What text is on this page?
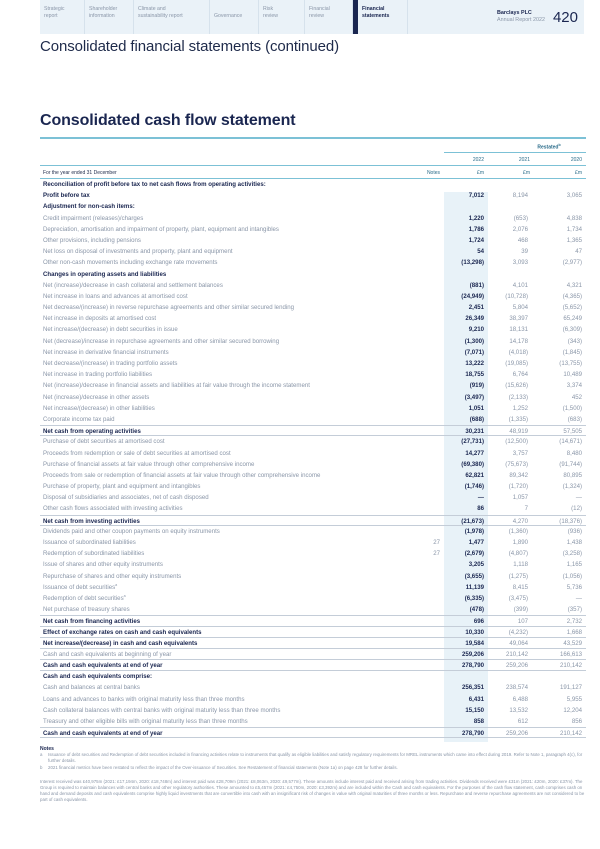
Strategic
report
Shareholder
information
Climate and
sustainability report	Governance
Risk
review
Financial
review
Financial
statements	Barclays PLC
Annual Report 2022 420
Consolidated financial statements (continued)
Consolidated cash flow statement
Restated$^b$
2022	2021	2020
For the year ended 31 December	Notes	£m	£m	£m
Reconciliation of profit before tax to net cash flows from operating activities:
Profit before tax	7,012	8,194	3,065
Adjustment for non-cash items:
Credit impairment (releases)/charges	1,220	(653)	4,838
Depreciation, amortisation and impairment of property, plant, equipment and intangibles	1,786	2,076	1,734
Other provisions, including pensions	1,724	468	1,365
Net loss on disposal of investments and property, plant and equipment	54	39	47
Other non-cash movements including exchange rate movements	(13,298)	3,093	(2,977)
Changes in operating assets and liabilities
Net (increase)/decrease in cash collateral and settlement balances	(881)	4,101	4,321
Net increase in loans and advances at amortised cost	(24,949)	(10,728)	(4,365)
Net decrease/(increase) in reverse repurchase agreements and other similar secured lending	2,451	5,804	(5,652)
Net increase in deposits at amortised cost	26,349	38,397	65,249
Net increase/(decrease) in debt securities in issue	9,210	18,131	(6,309)
Net (decrease)/increase in repurchase agreements and other similar secured borrowing	(1,300)	14,178	(343)
Net increase in derivative financial instruments	(7,071)	(4,018)	(1,845)
Net decrease/(increase) in trading portfolio assets	13,222	(19,085)	(13,755)
Net increase in trading portfolio liabilities	18,755	6,764	10,489
Net (increase)/decrease in financial assets and liabilities at fair value through the income statement	(919)	(15,626)	3,374
Net (increase)/decrease in other assets	(3,497)	(2,133)	452
Net increase/(decrease) in other liabilities	1,051	1,252	(1,500)
Corporate income tax paid	(688)	(1,335)	(683)
Net cash from operating activities	30,231	48,919	57,505
Purchase of debt securities at amortised cost	(27,731)	(12,500)	(14,671)
Proceeds from redemption or sale of debt securities at amortised cost	14,277	3,757	8,480
Purchase of financial assets at fair value through other comprehensive income	(69,380)	(75,673)	(91,744)
Proceeds from sale or redemption of financial assets at fair value through other comprehensive income	62,821	89,342	80,895
Purchase of property, plant and equipment and intangibles	(1,746)	(1,720)	(1,324)
Disposal of subsidiaries and associates, net of cash disposed	—	1,057	—
Other cash flows associated with investing activities	86	7	(12)
Net cash from investing activities	(21,673)	4,270	(18,376)
Dividends paid and other coupon payments on equity instruments	(1,978)	(1,360)	(936)
Issuance of subordinated liabilities	27	1,477	1,890	1,438
Redemption of subordinated liabilities	27	(2,679)	(4,807)	(3,258)
Issue of shares and other equity instruments	3,205	1,118	1,165
Repurchase of shares and other equity instruments	(3,655)	(1,275)	(1,056)
Issuance of debt securities$^a$	11,139	8,415	5,736
Redemption of debt securities$^a$	(6,335)	(3,475)	—
Net purchase of treasury shares	(478)	(399)	(357)
Net cash from financing activities	696	107	2,732
Effect of exchange rates on cash and cash equivalents	10,330	(4,232)	1,668
Net increase/(decrease) in cash and cash equivalents	19,584	49,064	43,529
Cash and cash equivalents at beginning of year	259,206	210,142	166,613
Cash and cash equivalents at end of year	278,790	259,206	210,142
Cash and cash equivalents comprise:
Cash and balances at central banks	256,351	238,574	191,127
Loans and advances to banks with original maturity less than three months	6,431	6,488	5,955
Cash collateral balances with central banks with original maturity less than three months	15,150	13,532	12,204
Treasury and other eligible bills with original maturity less than three months	858	612	856
Cash and cash equivalents at end of year	278,790	259,206	210,142
Notes
a	Issuance of debt securities and Redemption of debt securities included in financing activities relate to instruments that qualify as eligible liabilities and satisfy regulatory requirements for MREL instruments which came into effect during 2019. Refer to Note 1, paragraph 4(c), for further details.
b	2021 financial metrics have been restated to reflect the impact of the Over-issuance of Securities. See Restatement of financial statements (Note 1a) on page 428 for further details.

Interest received was £40,975m (2021: £17,194m, 2020: £18,748m) and interest paid was £28,709m (2021: £8,063m, 2020: £9,577m). These amounts include interest paid and received arising from trading activities. Dividends received were £31m (2021: £20m, 2020: £37m). The Group is required to maintain balances with central banks and other regulatory authorities. These amounted to £5,457m (2021: £4,750m, 2020: £3,392m) and are included within the Cash and cash equivalents. For the purposes of the cash flow statement, cash comprises cash on hand and demand deposits and cash equivalents comprise highly liquid investments that are convertible into cash with an insignificant risk of changes in value with original maturities of three months or less. Repurchase and reverse repurchase agreements are not considered to be part of cash equivalents.
